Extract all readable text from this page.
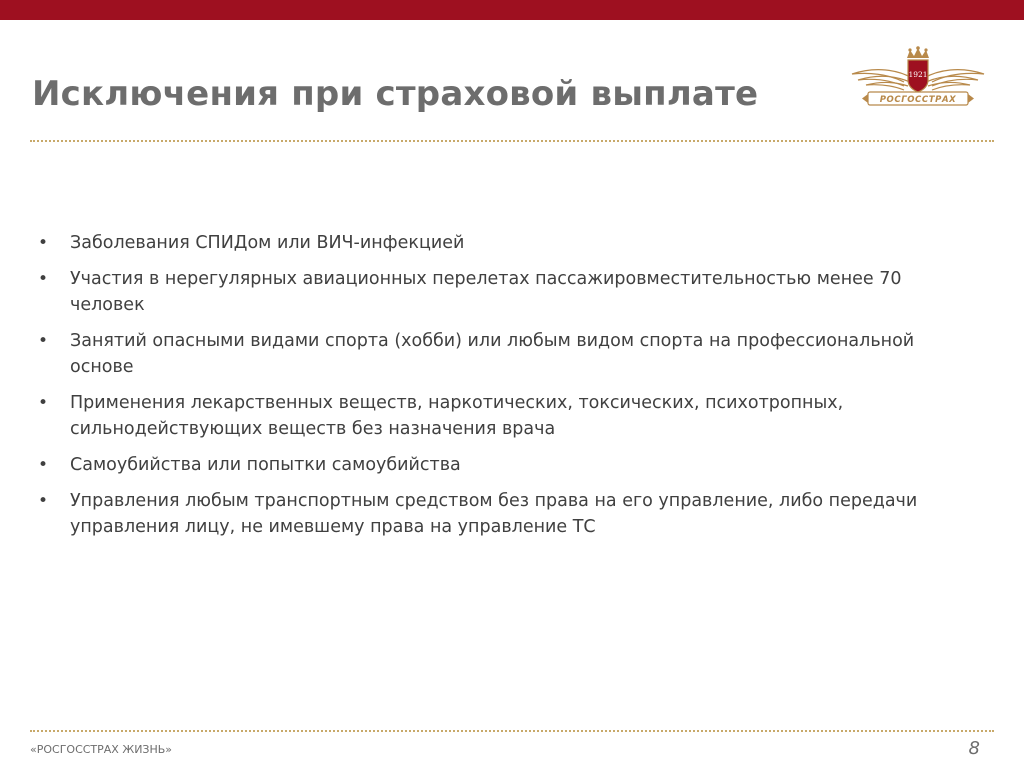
Исключения при страховой выплате	1921
РОСГОССТРАХ
• Заболевания СПИДом или ВИЧ-инфекцией
• Участия в нерегулярных авиационных перелетах пассажировместительностью менее 70 человек
• Занятий опасными видами спорта (хобби) или любым видом спорта на профессиональной основе
• Применения лекарственных веществ, наркотических, токсических, психотропных, сильнодействующих веществ без назначения врача
• Самоубийства или попытки самоубийства
• Управления любым транспортным средством без права на его управление, либо передачи управления лицу, не имевшему права на управление ТС
«РОСГОССТРАХ ЖИЗНЬ»	8
